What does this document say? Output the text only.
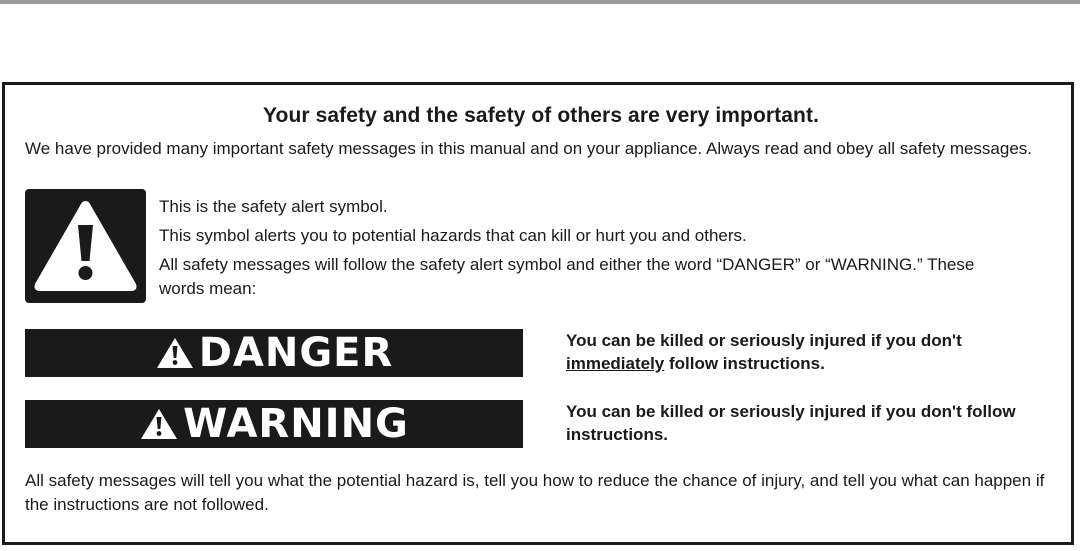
Your safety and the safety of others are very important.
We have provided many important safety messages in this manual and on your appliance. Always read and obey all safety messages.

This is the safety alert symbol.

This symbol alerts you to potential hazards that can kill or hurt you and others.

All safety messages will follow the safety alert symbol and either the word “DANGER” or “WARNING.” These words mean:

DANGER	You can be killed or seriously injured if you don't
immediately follow instructions.
WARNING	You can be killed or seriously injured if you don't follow instructions.
All safety messages will tell you what the potential hazard is, tell you how to reduce the chance of injury, and tell you what can happen if the instructions are not followed.
